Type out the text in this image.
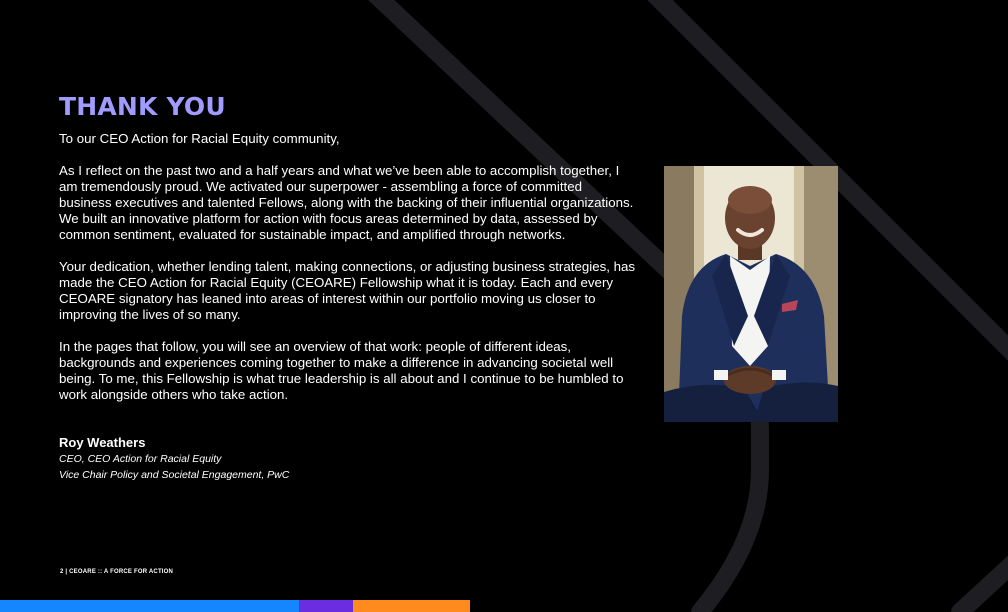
THANK YOU

To our CEO Action for Racial Equity community,

As I reflect on the past two and a half years and what we’ve been able to accomplish together, I am tremendously proud. We activated our superpower - assembling a force of committed business executives and talented Fellows, along with the backing of their influential organizations. We built an innovative platform for action with focus areas determined by data, assessed by common sentiment, evaluated for sustainable impact, and amplified through networks.

Your dedication, whether lending talent, making connections, or adjusting business strategies, has made the CEO Action for Racial Equity (CEOARE) Fellowship what it is today. Each and every CEOARE signatory has leaned into areas of interest within our portfolio moving us closer to improving the lives of so many.

In the pages that follow, you will see an overview of that work: people of different ideas, backgrounds and experiences coming together to make a difference in advancing societal well being. To me, this Fellowship is what true leadership is all about and I continue to be humbled to work alongside others who take action.

Roy Weathers
CEO, CEO Action for Racial Equity
Vice Chair Policy and Societal Engagement, PwC
2 | CEOARE :: A FORCE FOR ACTION
